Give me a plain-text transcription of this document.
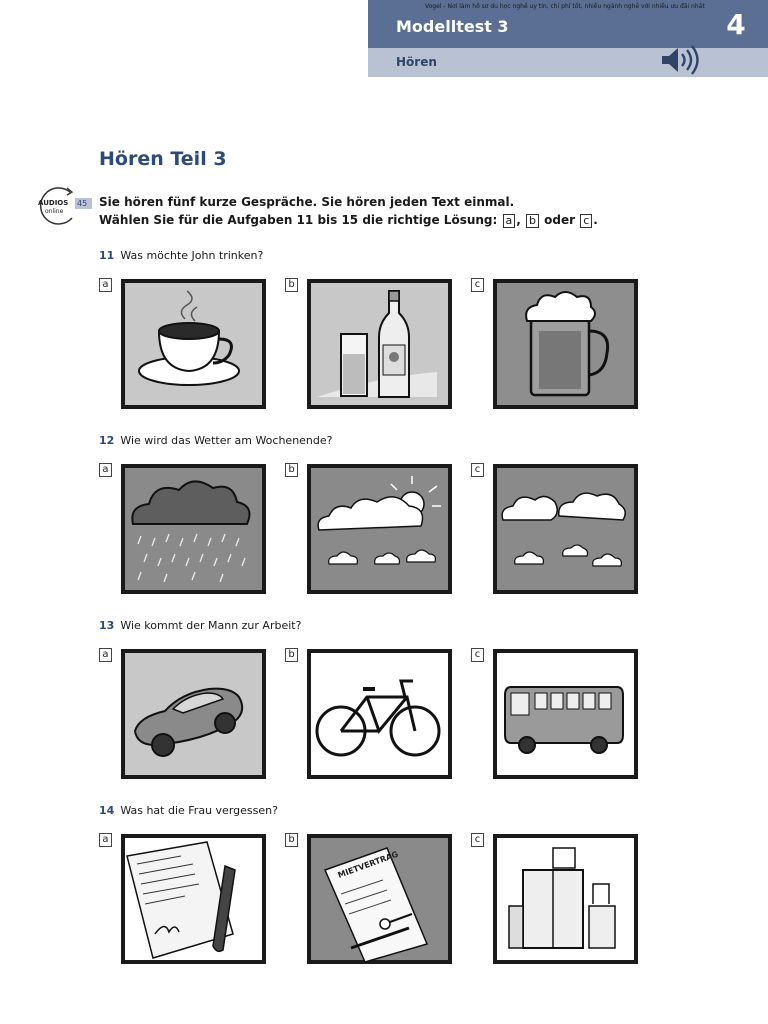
Vogel - Nơi làm hồ sơ du học nghề uy tín, chi phí tốt, nhiều ngành nghề với nhiều ưu đãi nhất
Modelltest 3
Hören
4
Hören Teil 3
AUDIOS
online
45 Sie hören fünf kurze Gespräche. Sie hören jeden Text einmal.
Wählen Sie für die Aufgaben 11 bis 15 die richtige Lösung: a , b oder c .
11 Was möchte John trinken?
a	b	c
12 Wie wird das Wetter am Wochenende?
a	b	c
13 Wie kommt der Mann zur Arbeit?
a	b	c
14 Was hat die Frau vergessen?
a	b
MIETVERTRAG
c
